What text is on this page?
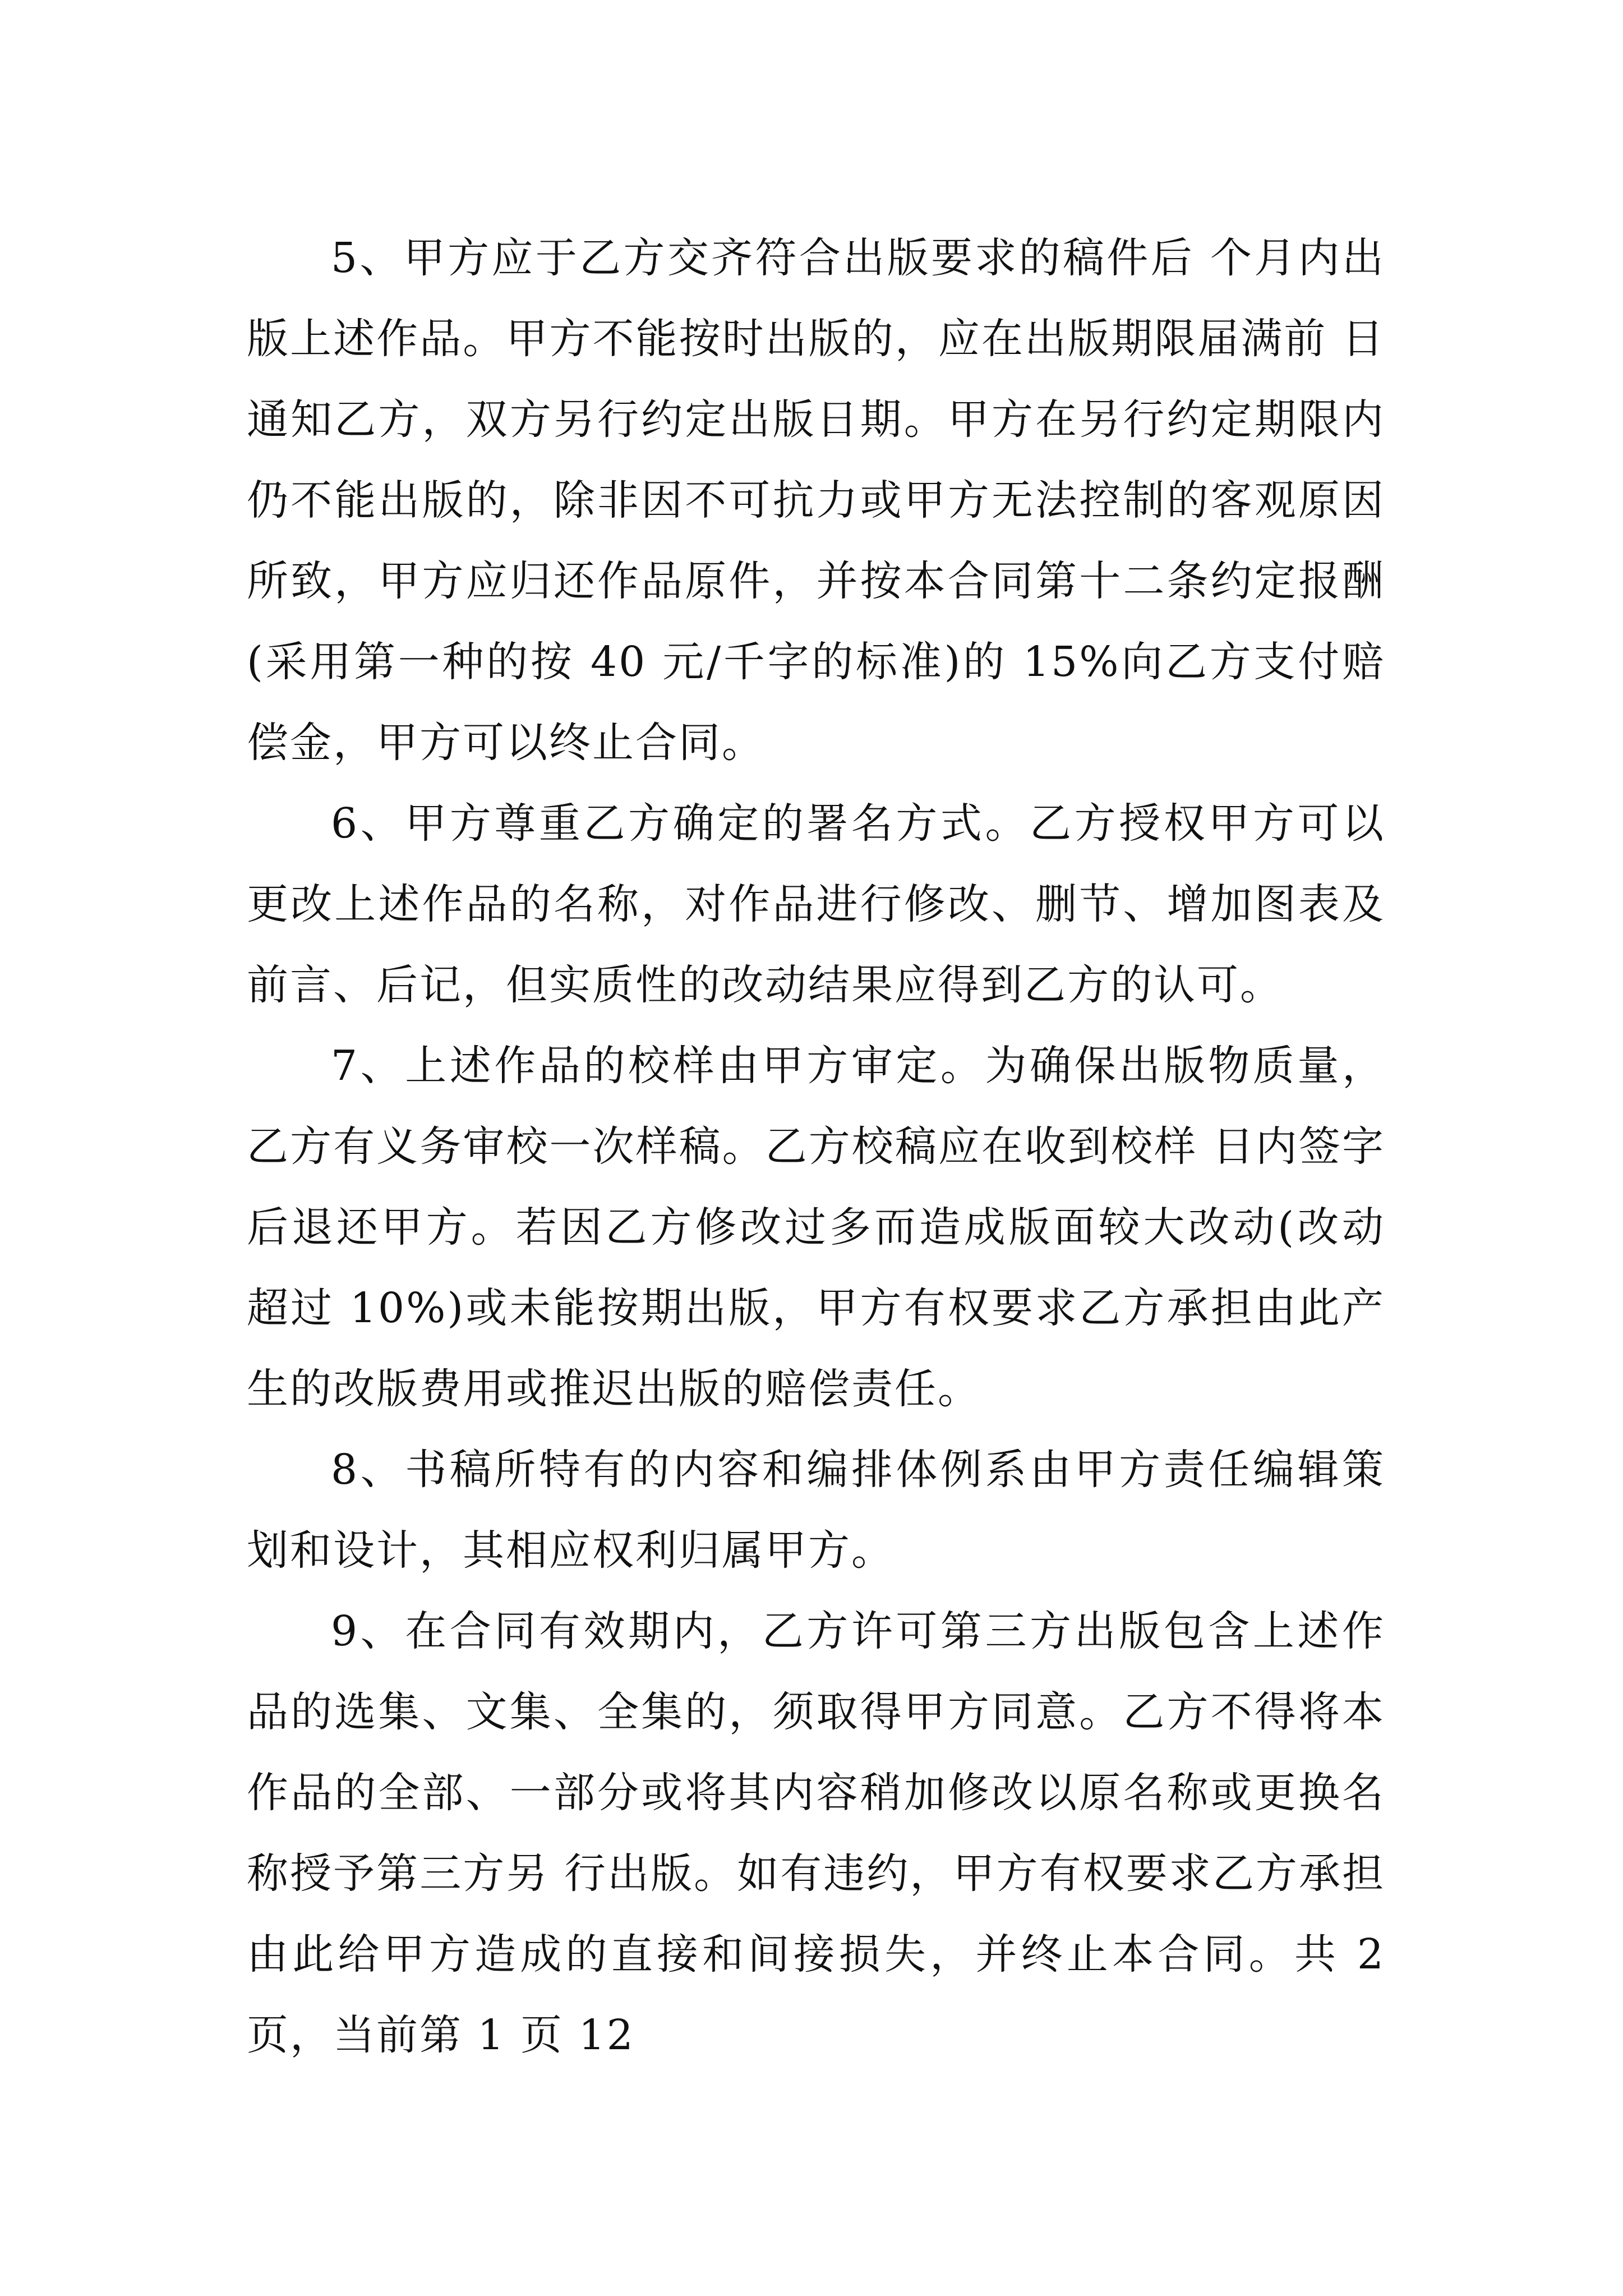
5、甲方应于乙方交齐符合出版要求的稿件后 个月内出版上述作品。甲方不能按时出版的，应在出版期限届满前 日通知乙方，双方另行约定出版日期。甲方在另行约定期限内仍不能出版的，除非因不可抗力或甲方无法控制的客观原因所致，甲方应归还作品原件，并按本合同第十二条约定报酬(采用第一种的按 40 元/千字的标准)的 15%向乙方支付赔偿金，甲方可以终止合同。

6、甲方尊重乙方确定的署名方式。乙方授权甲方可以更改上述作品的名称，对作品进行修改、删节、增加图表及前言、后记，但实质性的改动结果应得到乙方的认可。

7、上述作品的校样由甲方审定。为确保出版物质量，乙方有义务审校一次样稿。乙方校稿应在收到校样 日内签字后退还甲方。若因乙方修改过多而造成版面较大改动(改动超过 10%)或未能按期出版，甲方有权要求乙方承担由此产生的改版费用或推迟出版的赔偿责任。

8、书稿所特有的内容和编排体例系由甲方责任编辑策划和设计，其相应权利归属甲方。

9、在合同有效期内，乙方许可第三方出版包含上述作品的选集、文集、全集的，须取得甲方同意。乙方不得将本作品的全部、一部分或将其内容稍加修改以原名称或更换名称授予第三方另 行出版。如有违约，甲方有权要求乙方承担由此给甲方造成的直接和间接损失，并终止本合同。共 2 页，当前第 1 页 12
